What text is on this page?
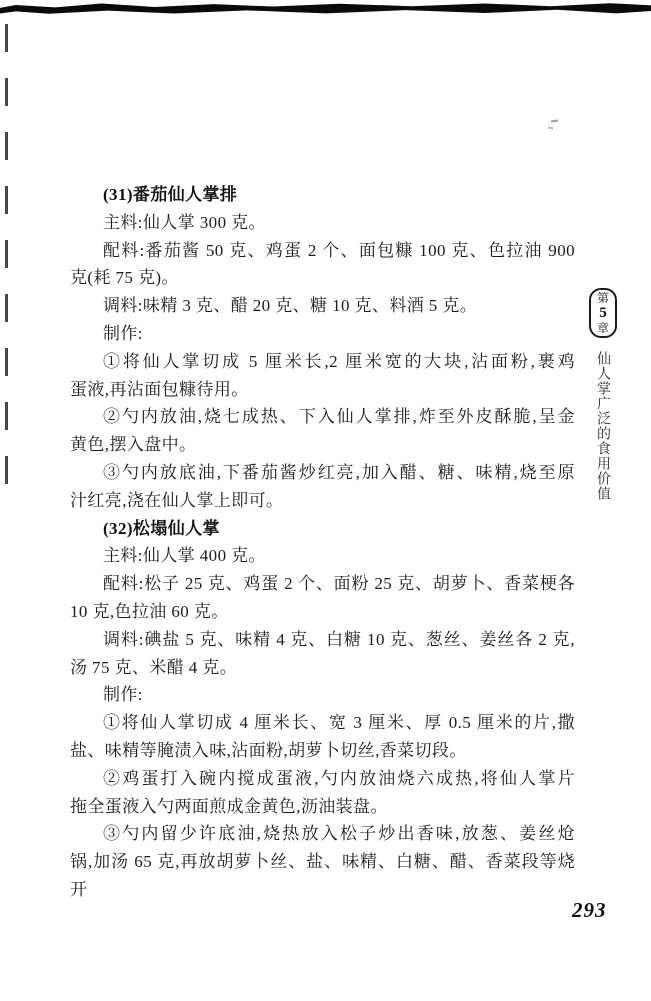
(31)番茄仙人掌排
主料:仙人掌 300 克。
配料:番茄酱 50 克、鸡蛋 2 个、面包糠 100 克、色拉油 900
克(耗 75 克)。
调料:味精 3 克、醋 20 克、糖 10 克、料酒 5 克。
制作:
①将仙人掌切成 5 厘米长,2 厘米宽的大块,沾面粉,裹鸡
蛋液,再沾面包糠待用。
②勺内放油,烧七成热、下入仙人掌排,炸至外皮酥脆,呈金
黄色,摆入盘中。
③勺内放底油,下番茄酱炒红亮,加入醋、糖、味精,烧至原
汁红亮,浇在仙人掌上即可。
(32)松塌仙人掌
主料:仙人掌 400 克。
配料:松子 25 克、鸡蛋 2 个、面粉 25 克、胡萝卜、香菜梗各
10 克,色拉油 60 克。
调料:碘盐 5 克、味精 4 克、白糖 10 克、葱丝、姜丝各 2 克,
汤 75 克、米醋 4 克。
制作:
①将仙人掌切成 4 厘米长、宽 3 厘米、厚 0.5 厘米的片,撒
盐、味精等腌渍入味,沾面粉,胡萝卜切丝,香菜切段。
②鸡蛋打入碗内搅成蛋液,勺内放油烧六成热,将仙人掌片
拖全蛋液入勺两面煎成金黄色,沥油装盘。
③勺内留少许底油,烧热放入松子炒出香味,放葱、姜丝炝
锅,加汤 65 克,再放胡萝卜丝、盐、味精、白糖、醋、香菜段等烧开
第
5
章
仙人掌广泛的食用价值
293
